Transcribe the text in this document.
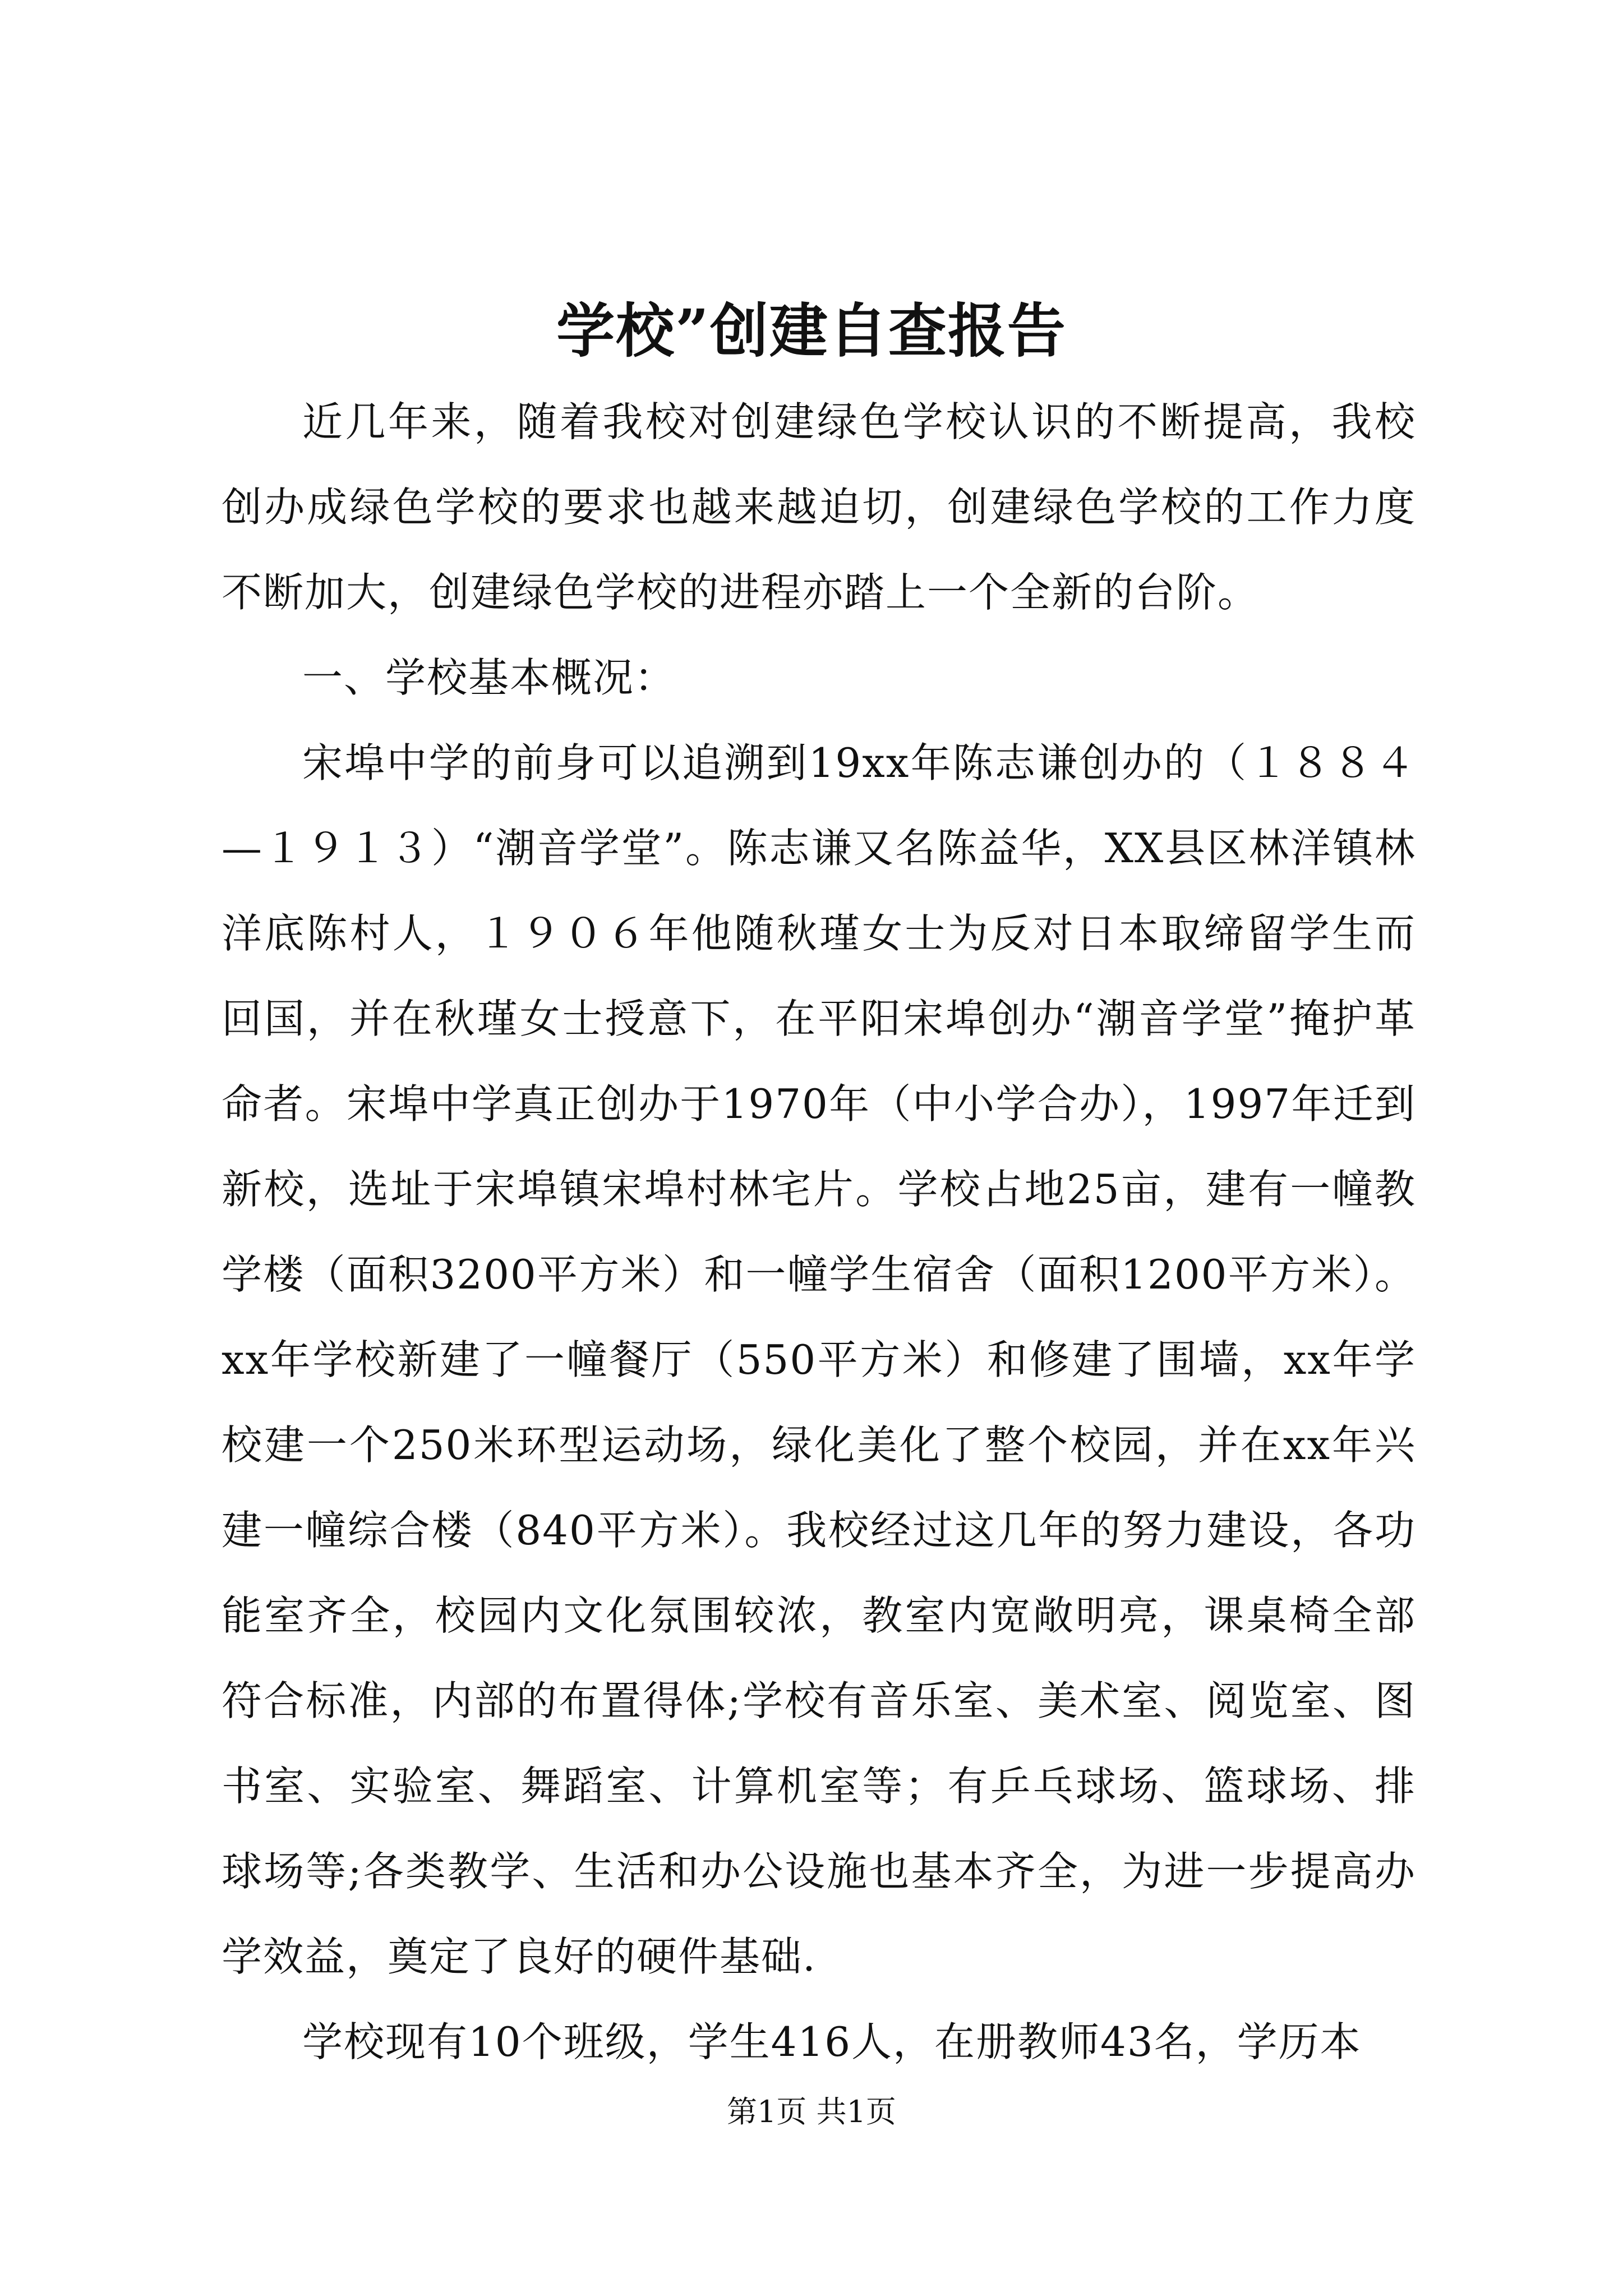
学校”创建自查报告

近几年来，随着我校对创建绿色学校认识的不断提高，我校创办成绿色学校的要求也越来越迫切，创建绿色学校的工作力度不断加大，创建绿色学校的进程亦踏上一个全新的台阶。

一、学校基本概况：

宋埠中学的前身可以追溯到19xx年陈志谦创办的（１８８４—１９１３）“潮音学堂”。陈志谦又名陈益华，XX县区林洋镇林洋底陈村人，１９０６年他随秋瑾女士为反对日本取缔留学生而回国，并在秋瑾女士授意下，在平阳宋埠创办“潮音学堂”掩护革命者。宋埠中学真正创办于1970年（中小学合办），1997年迁到新校，选址于宋埠镇宋埠村林宅片。学校占地25亩，建有一幢教学楼（面积3200平方米）和一幢学生宿舍（面积1200平方米）。xx年学校新建了一幢餐厅（550平方米）和修建了围墙，xx年学校建一个250米环型运动场，绿化美化了整个校园，并在xx年兴建一幢综合楼（840平方米）。我校经过这几年的努力建设，各功能室齐全，校园内文化氛围较浓，教室内宽敞明亮，课桌椅全部符合标准，内部的布置得体;学校有音乐室、美术室、阅览室、图书室、实验室、舞蹈室、计算机室等；有乒乓球场、篮球场、排球场等;各类教学、生活和办公设施也基本齐全，为进一步提高办学效益，奠定了良好的硬件基础.

学校现有10个班级，学生416人，在册教师43名，学历本

第1页 共1页
